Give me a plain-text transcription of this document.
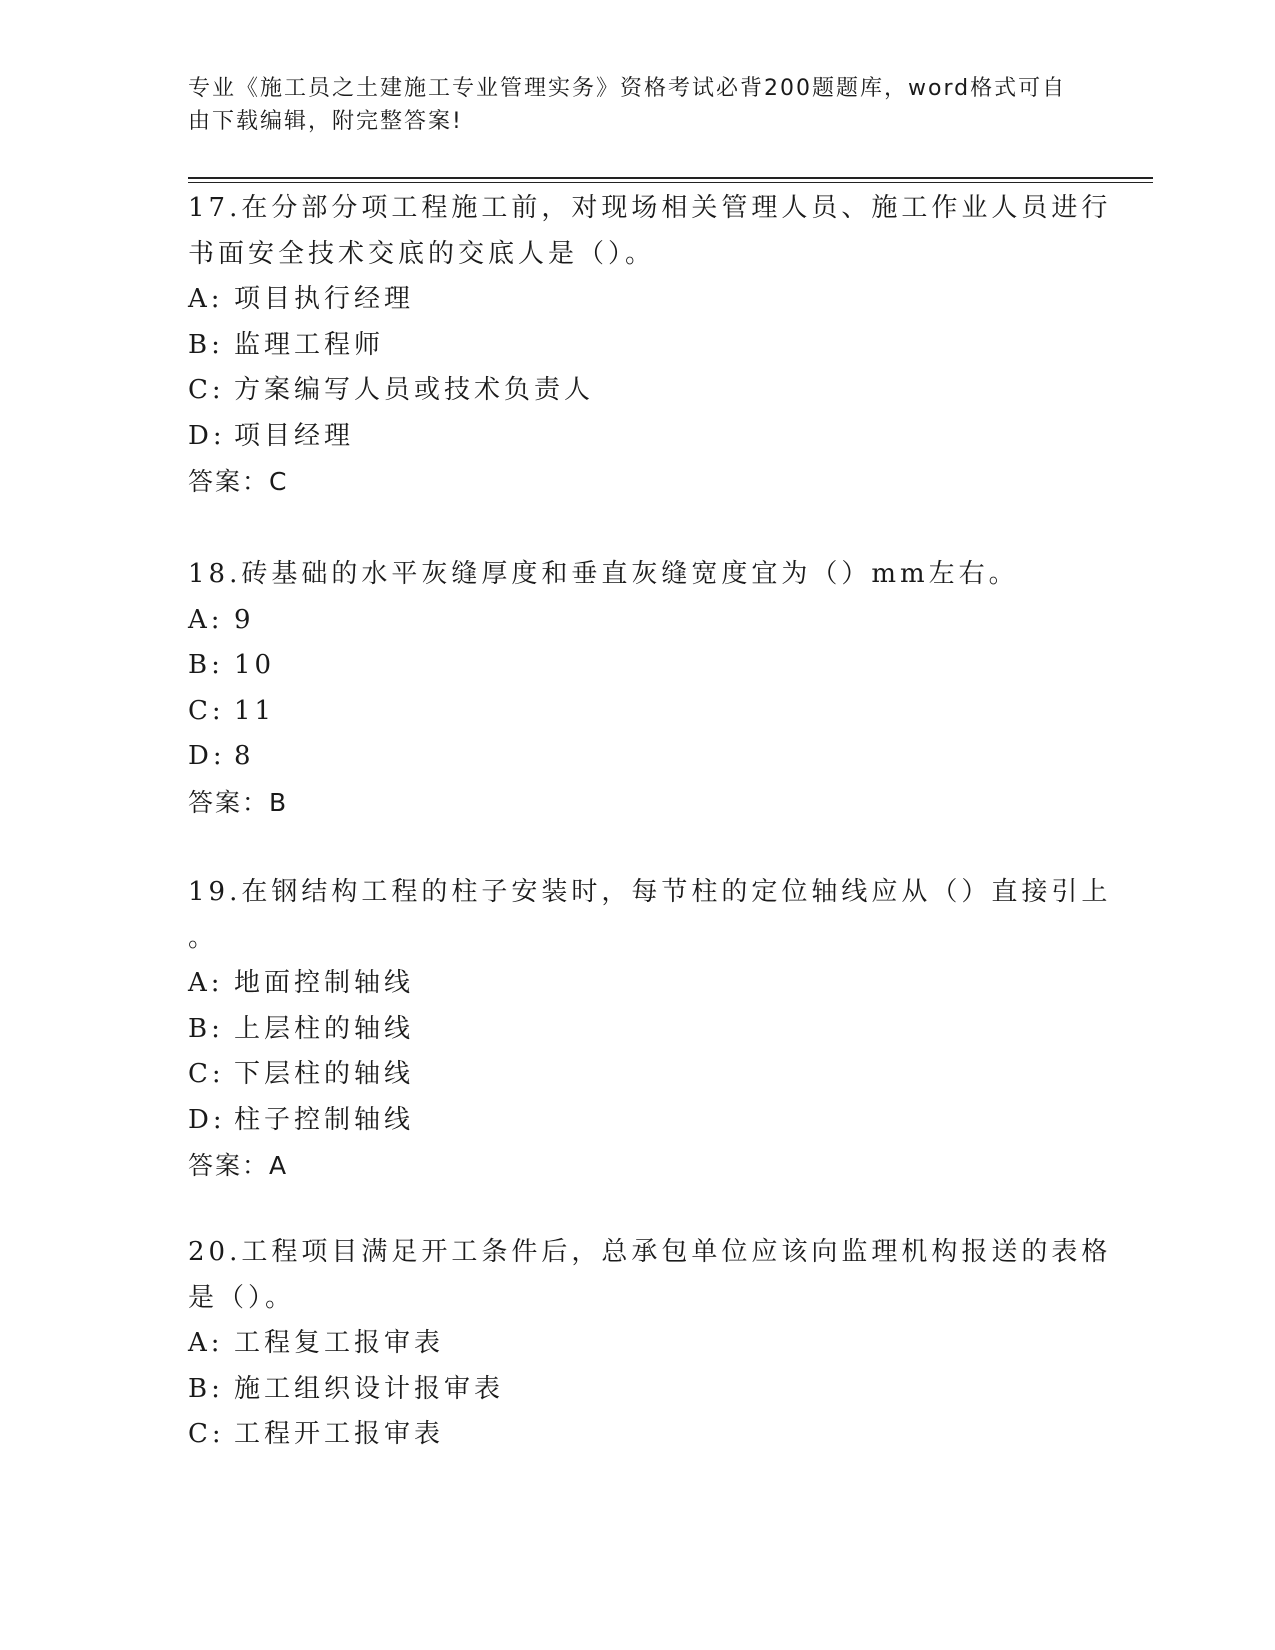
专业《施工员之土建施工专业管理实务》资格考试必背200题题库，word格式可自由下载编辑，附完整答案!

17.在分部分项工程施工前，对现场相关管理人员、施工作业人员进行
书面安全技术交底的交底人是（）。
A: 项目执行经理
B: 监理工程师
C: 方案编写人员或技术负责人
D: 项目经理
答案：C
18.砖基础的水平灰缝厚度和垂直灰缝宽度宜为（）mm左右。
A: 9
B: 10
C: 11
D: 8
答案：B
19.在钢结构工程的柱子安装时，每节柱的定位轴线应从（）直接引上
。
A: 地面控制轴线
B: 上层柱的轴线
C: 下层柱的轴线
D: 柱子控制轴线
答案：A
20.工程项目满足开工条件后，总承包单位应该向监理机构报送的表格
是（）。
A: 工程复工报审表
B: 施工组织设计报审表
C: 工程开工报审表
